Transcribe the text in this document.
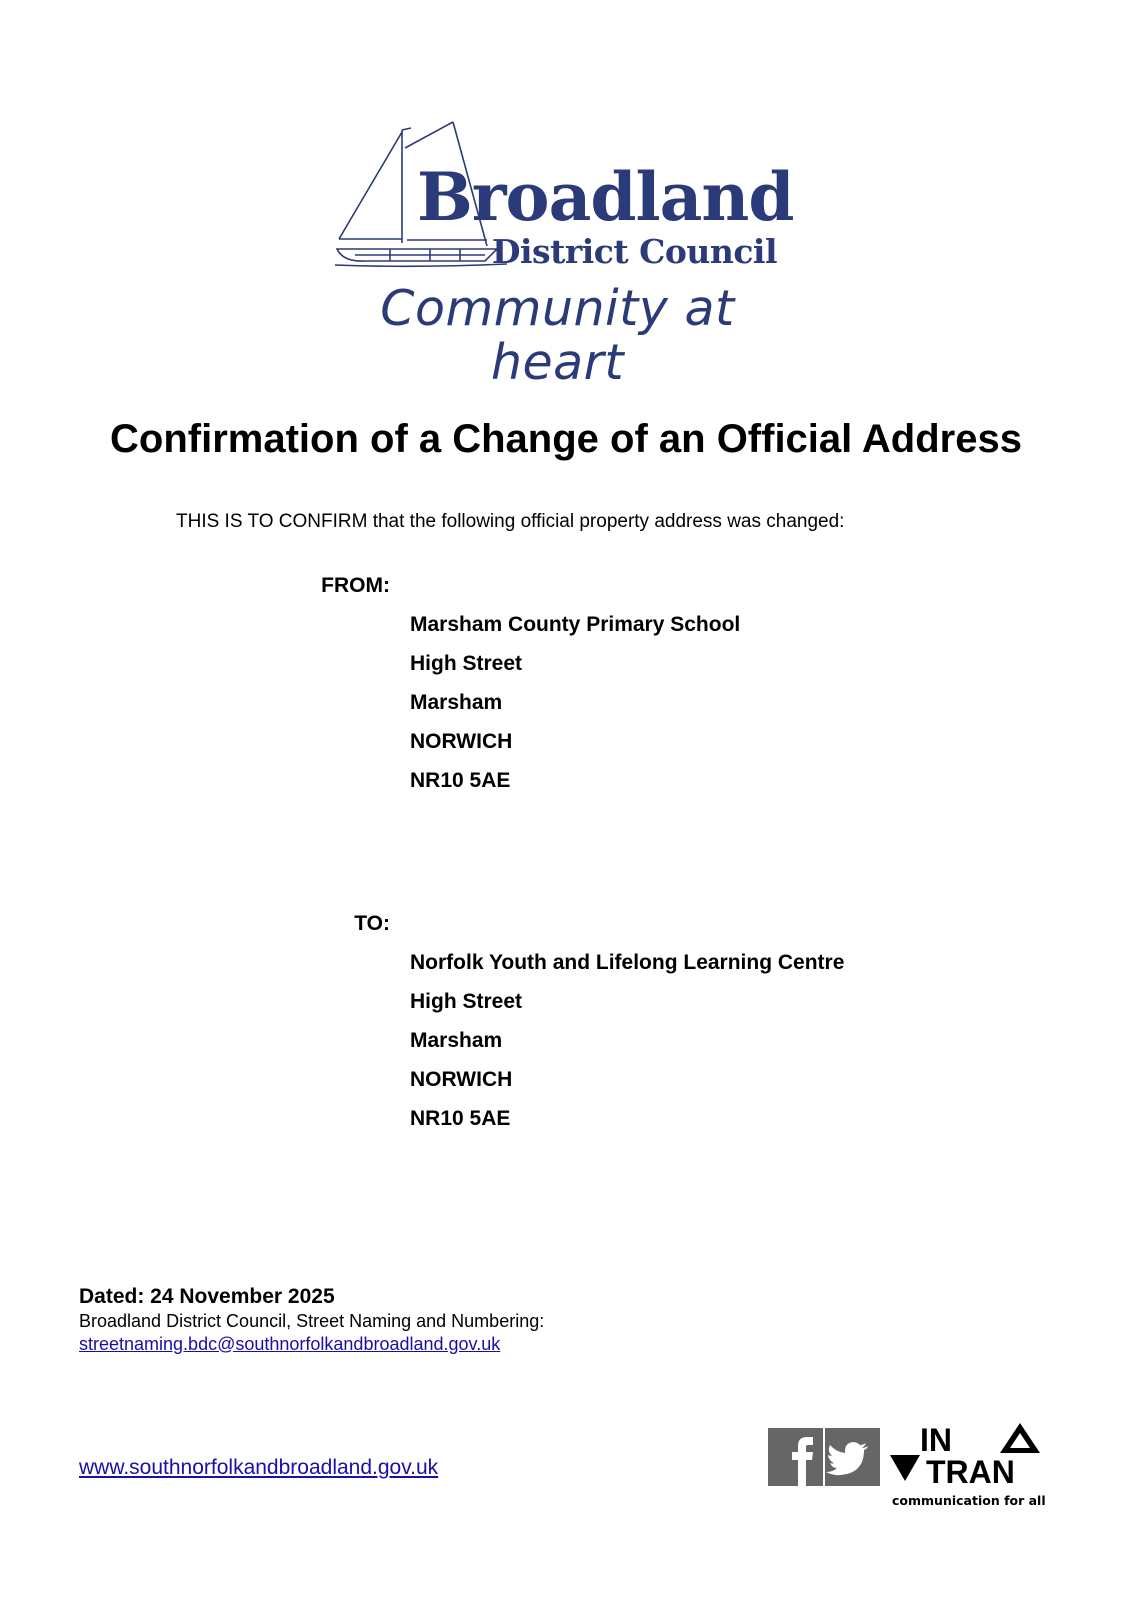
Broadland
District Council
Community at heart
Confirmation of a Change of an Official Address
THIS IS TO CONFIRM that the following official property address was changed:
FROM:
Marsham County Primary School
High Street
Marsham
NORWICH
NR10 5AE
TO:
Norfolk Youth and Lifelong Learning Centre
High Street
Marsham
NORWICH
NR10 5AE
Dated: 24 November 2025
Broadland District Council, Street Naming and Numbering:
streetnaming.bdc@southnorfolkandbroadland.gov.uk
www.southnorfolkandbroadland.gov.uk
IN
TRAN
communication for all
